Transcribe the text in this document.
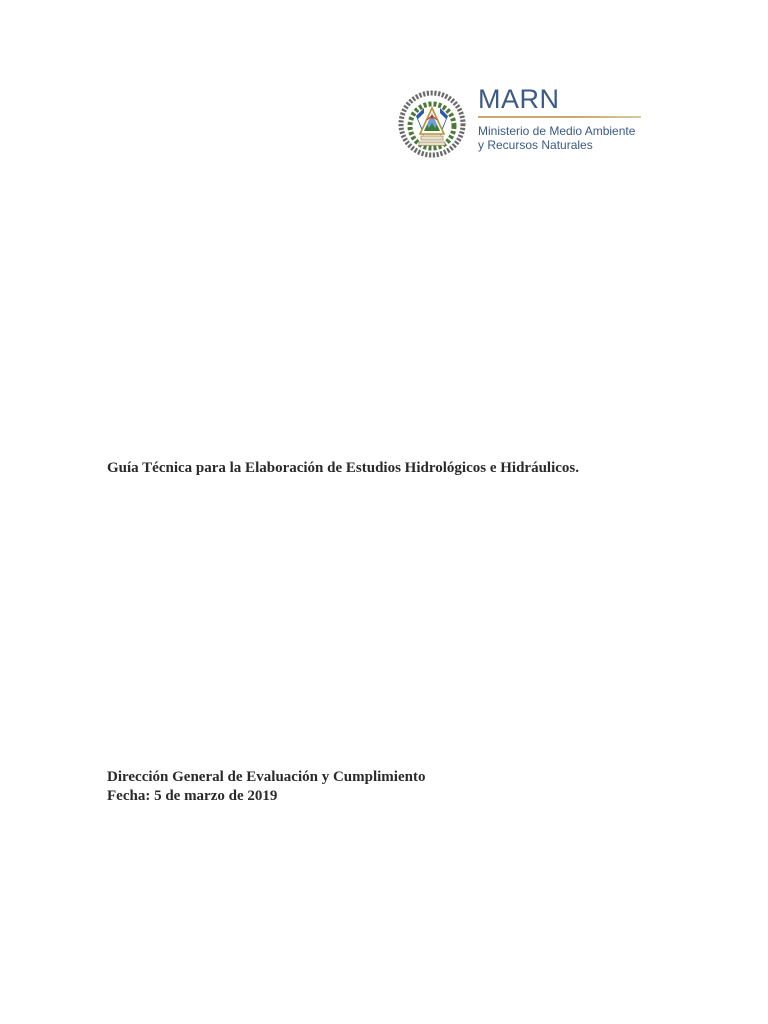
MARN
Ministerio de Medio Ambiente
y Recursos Naturales
Guía Técnica para la Elaboración de Estudios Hidrológicos e Hidráulicos.
Dirección General de Evaluación y Cumplimiento
Fecha: 5 de marzo de 2019
